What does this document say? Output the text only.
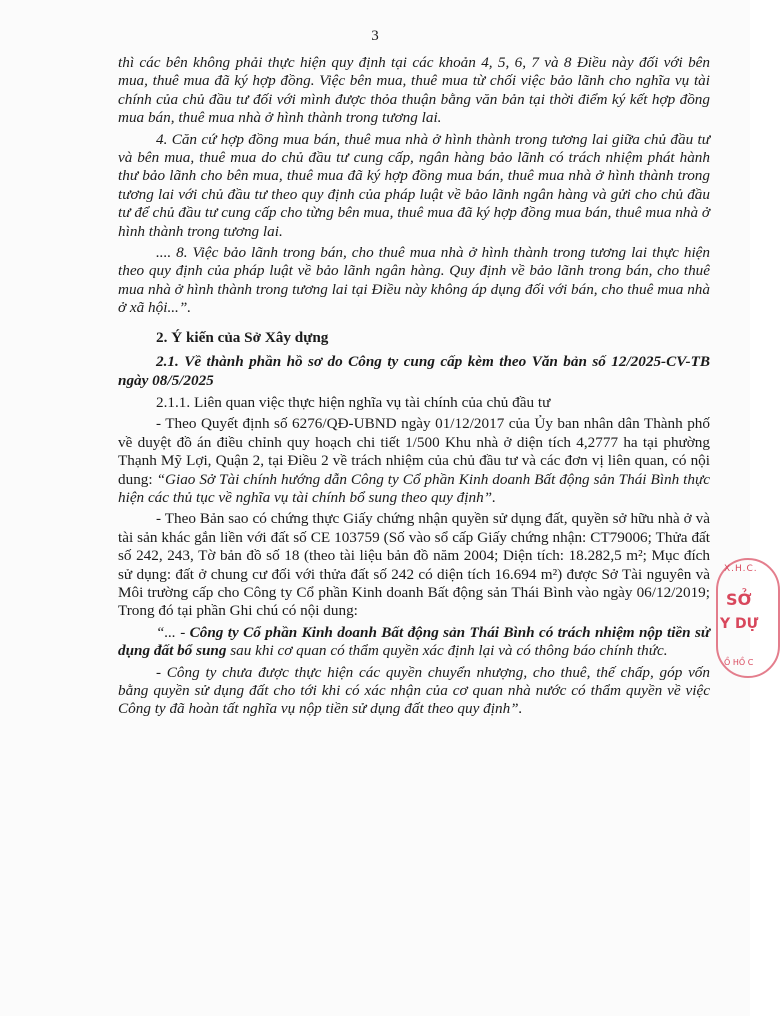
3

thì các bên không phải thực hiện quy định tại các khoản 4, 5, 6, 7 và 8 Điều này đối với bên mua, thuê mua đã ký hợp đồng. Việc bên mua, thuê mua từ chối việc bảo lãnh cho nghĩa vụ tài chính của chủ đầu tư đối với mình được thỏa thuận bằng văn bản tại thời điểm ký kết hợp đồng mua bán, thuê mua nhà ở hình thành trong tương lai.

4. Căn cứ hợp đồng mua bán, thuê mua nhà ở hình thành trong tương lai giữa chủ đầu tư và bên mua, thuê mua do chủ đầu tư cung cấp, ngân hàng bảo lãnh có trách nhiệm phát hành thư bảo lãnh cho bên mua, thuê mua đã ký hợp đồng mua bán, thuê mua nhà ở hình thành trong tương lai với chủ đầu tư theo quy định của pháp luật về bảo lãnh ngân hàng và gửi cho chủ đầu tư để chủ đầu tư cung cấp cho từng bên mua, thuê mua đã ký hợp đồng mua bán, thuê mua nhà ở hình thành trong tương lai.

.... 8. Việc bảo lãnh trong bán, cho thuê mua nhà ở hình thành trong tương lai thực hiện theo quy định của pháp luật về bảo lãnh ngân hàng. Quy định về bảo lãnh trong bán, cho thuê mua nhà ở hình thành trong tương lai tại Điều này không áp dụng đối với bán, cho thuê mua nhà ở xã hội...”.

2. Ý kiến của Sở Xây dựng

2.1. Về thành phần hồ sơ do Công ty cung cấp kèm theo Văn bản số 12/2025-CV-TB ngày 08/5/2025

2.1.1. Liên quan việc thực hiện nghĩa vụ tài chính của chủ đầu tư

- Theo Quyết định số 6276/QĐ-UBND ngày 01/12/2017 của Ủy ban nhân dân Thành phố về duyệt đồ án điều chỉnh quy hoạch chi tiết 1/500 Khu nhà ở diện tích 4,2777 ha tại phường Thạnh Mỹ Lợi, Quận 2, tại Điều 2 về trách nhiệm của chủ đầu tư và các đơn vị liên quan, có nội dung: “Giao Sở Tài chính hướng dẫn Công ty Cổ phần Kinh doanh Bất động sản Thái Bình thực hiện các thủ tục về nghĩa vụ tài chính bổ sung theo quy định”.

- Theo Bản sao có chứng thực Giấy chứng nhận quyền sử dụng đất, quyền sở hữu nhà ở và tài sản khác gắn liền với đất số CE 103759 (Số vào sổ cấp Giấy chứng nhận: CT79006; Thửa đất số 242, 243, Tờ bản đồ số 18 (theo tài liệu bản đồ năm 2004; Diện tích: 18.282,5 m²; Mục đích sử dụng: đất ở chung cư đối với thửa đất số 242 có diện tích 16.694 m²) được Sở Tài nguyên và Môi trường cấp cho Công ty Cổ phần Kinh doanh Bất động sản Thái Bình vào ngày 06/12/2019; Trong đó tại phần Ghi chú có nội dung:

“... - Công ty Cổ phần Kinh doanh Bất động sản Thái Bình có trách nhiệm nộp tiền sử dụng đất bổ sung sau khi cơ quan có thẩm quyền xác định lại và có thông báo chính thức.

- Công ty chưa được thực hiện các quyền chuyển nhượng, cho thuê, thế chấp, góp vốn bằng quyền sử dụng đất cho tới khi có xác nhận của cơ quan nhà nước có thẩm quyền về việc Công ty đã hoàn tất nghĩa vụ nộp tiền sử dụng đất theo quy định”.

X.H.C.
SỞ
Y DỰ
Ồ HỒ C
